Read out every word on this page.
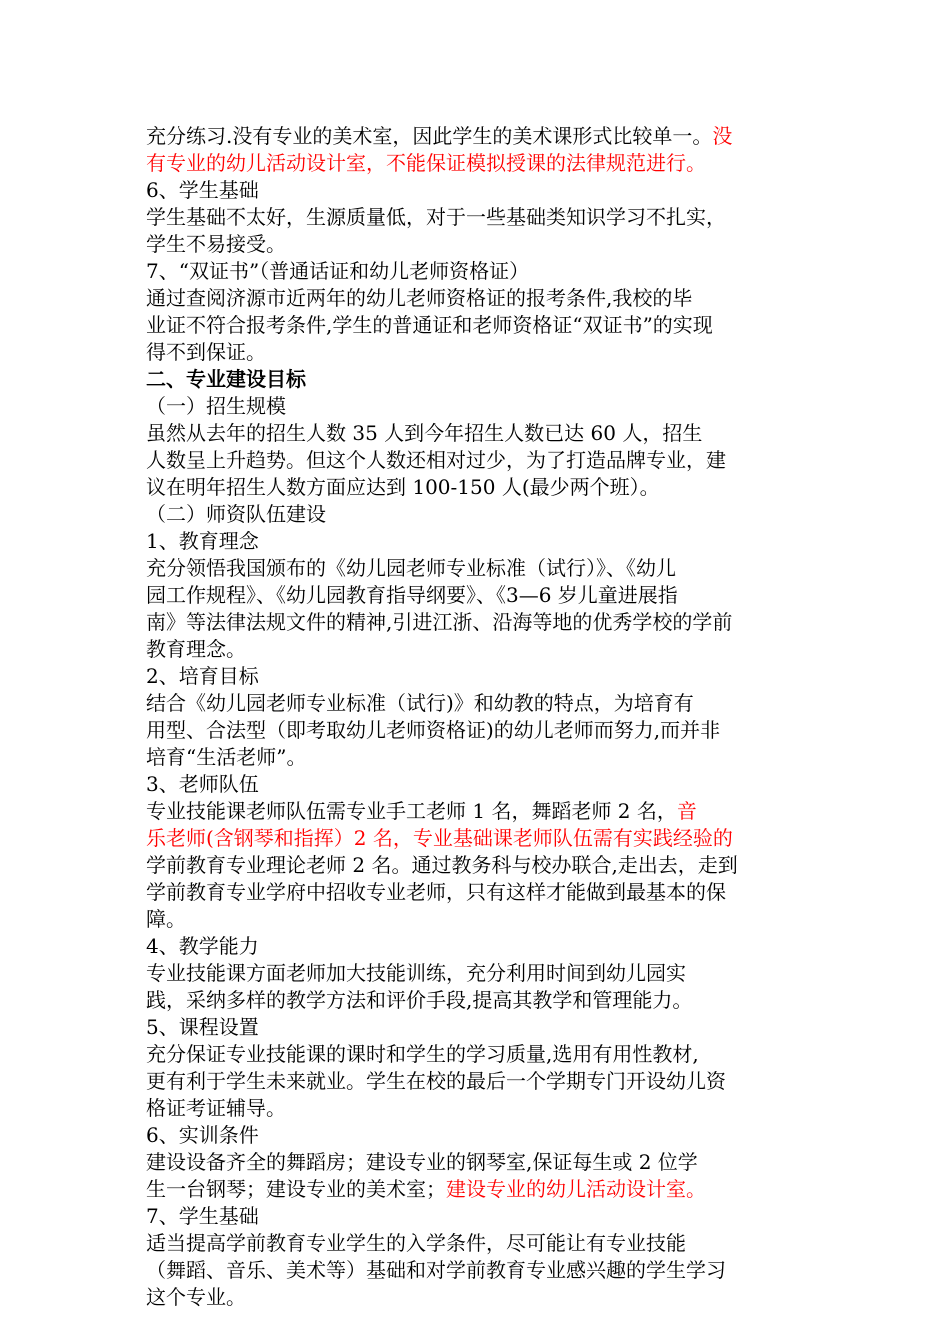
充分练习.没有专业的美术室，因此学生的美术课形式比较单一。没
有专业的幼儿活动设计室，不能保证模拟授课的法律规范进行。
6、学生基础
学生基础不太好，生源质量低，对于一些基础类知识学习不扎实，
学生不易接受。
7、“双证书”（普通话证和幼儿老师资格证）
通过查阅济源市近两年的幼儿老师资格证的报考条件,我校的毕
业证不符合报考条件,学生的普通证和老师资格证“双证书”的实现
得不到保证。
二、专业建设目标
（一）招生规模
虽然从去年的招生人数 35 人到今年招生人数已达 60 人，招生
人数呈上升趋势。但这个人数还相对过少，为了打造品牌专业，建
议在明年招生人数方面应达到 100-150 人(最少两个班）。
（二）师资队伍建设
1、教育理念
充分领悟我国颁布的《幼儿园老师专业标准（试行）》、《幼儿
园工作规程》、《幼儿园教育指导纲要》、《3—6 岁儿童进展指
南》等法律法规文件的精神,引进江浙、沿海等地的优秀学校的学前
教育理念。
2、培育目标
结合《幼儿园老师专业标准（试行)》和幼教的特点，为培育有
用型、合法型（即考取幼儿老师资格证)的幼儿老师而努力,而并非
培育“生活老师”。
3、老师队伍
专业技能课老师队伍需专业手工老师 1 名，舞蹈老师 2 名，音
乐老师(含钢琴和指挥）2 名，专业基础课老师队伍需有实践经验的
学前教育专业理论老师 2 名。通过教务科与校办联合,走出去，走到
学前教育专业学府中招收专业老师，只有这样才能做到最基本的保
障。
4、教学能力
专业技能课方面老师加大技能训练，充分利用时间到幼儿园实
践，采纳多样的教学方法和评价手段,提高其教学和管理能力。
5、课程设置
充分保证专业技能课的课时和学生的学习质量,选用有用性教材,
更有利于学生未来就业。学生在校的最后一个学期专门开设幼儿资
格证考证辅导。
6、实训条件
建设设备齐全的舞蹈房；建设专业的钢琴室,保证每生或 2 位学
生一台钢琴；建设专业的美术室；建设专业的幼儿活动设计室。
7、学生基础
适当提高学前教育专业学生的入学条件，尽可能让有专业技能
（舞蹈、音乐、美术等）基础和对学前教育专业感兴趣的学生学习
这个专业。
